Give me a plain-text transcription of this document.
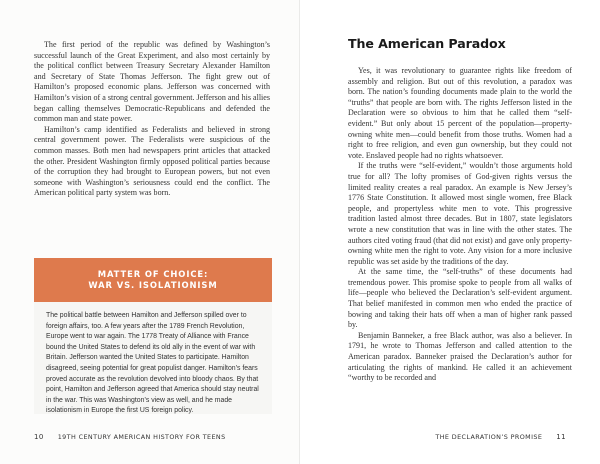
The first period of the republic was defined by Washington’s successful launch of the Great Experiment, and also most certainly by the political conflict between Treasury Secretary Alexander Hamilton and Secretary of State Thomas Jefferson. The fight grew out of Hamilton’s proposed economic plans. Jefferson was concerned with Hamilton’s vision of a strong central government. Jefferson and his allies began calling themselves Democratic-Republicans and defended the common man and state power.

Hamilton’s camp identified as Federalists and believed in strong central government power. The Federalists were suspicious of the common masses. Both men had newspapers print articles that attacked the other. President Washington firmly opposed political parties because of the corruption they had brought to European powers, but not even someone with Washington’s seriousness could end the conflict. The American political party system was born.

MATTER OF CHOICE:
WAR VS. ISOLATIONISM

The political battle between Hamilton and Jefferson spilled over to foreign affairs, too. A few years after the 1789 French Revolution, Europe went to war again. The 1778 Treaty of Alliance with France bound the United States to defend its old ally in the event of war with Britain. Jefferson wanted the United States to participate. Hamilton disagreed, seeing potential for great populist danger. Hamilton’s fears proved accurate as the revolution devolved into bloody chaos. By that point, Hamilton and Jefferson agreed that America should stay neutral in the war. This was Washington’s view as well, and he made isolationism in Europe the first US foreign policy.

10 19TH CENTURY AMERICAN HISTORY FOR TEENS
The American Paradox

Yes, it was revolutionary to guarantee rights like freedom of assembly and religion. But out of this revolution, a paradox was born. The nation’s founding documents made plain to the world the “truths” that people are born with. The rights Jefferson listed in the Declaration were so obvious to him that he called them “self-evident.” But only about 15 percent of the population—property-owning white men—could benefit from those truths. Women had a right to free religion, and even gun ownership, but they could not vote. Enslaved people had no rights whatsoever.

If the truths were “self-evident,” wouldn’t those arguments hold true for all? The lofty promises of God-given rights versus the limited reality creates a real paradox. An example is New Jersey’s 1776 State Constitution. It allowed most single women, free Black people, and propertyless white men to vote. This progressive tradition lasted almost three decades. But in 1807, state legislators wrote a new constitution that was in line with the other states. The authors cited voting fraud (that did not exist) and gave only property-owning white men the right to vote. Any vision for a more inclusive republic was set aside by the traditions of the day.

At the same time, the “self-truths” of these documents had tremendous power. This promise spoke to people from all walks of life—people who believed the Declaration’s self-evident argument. That belief manifested in common men who ended the practice of bowing and taking their hats off when a man of higher rank passed by.

Benjamin Banneker, a free Black author, was also a believer. In 1791, he wrote to Thomas Jefferson and called attention to the American paradox. Banneker praised the Declaration’s author for articulating the rights of mankind. He called it an achievement “worthy to be recorded and

THE DECLARATION’S PROMISE 11
